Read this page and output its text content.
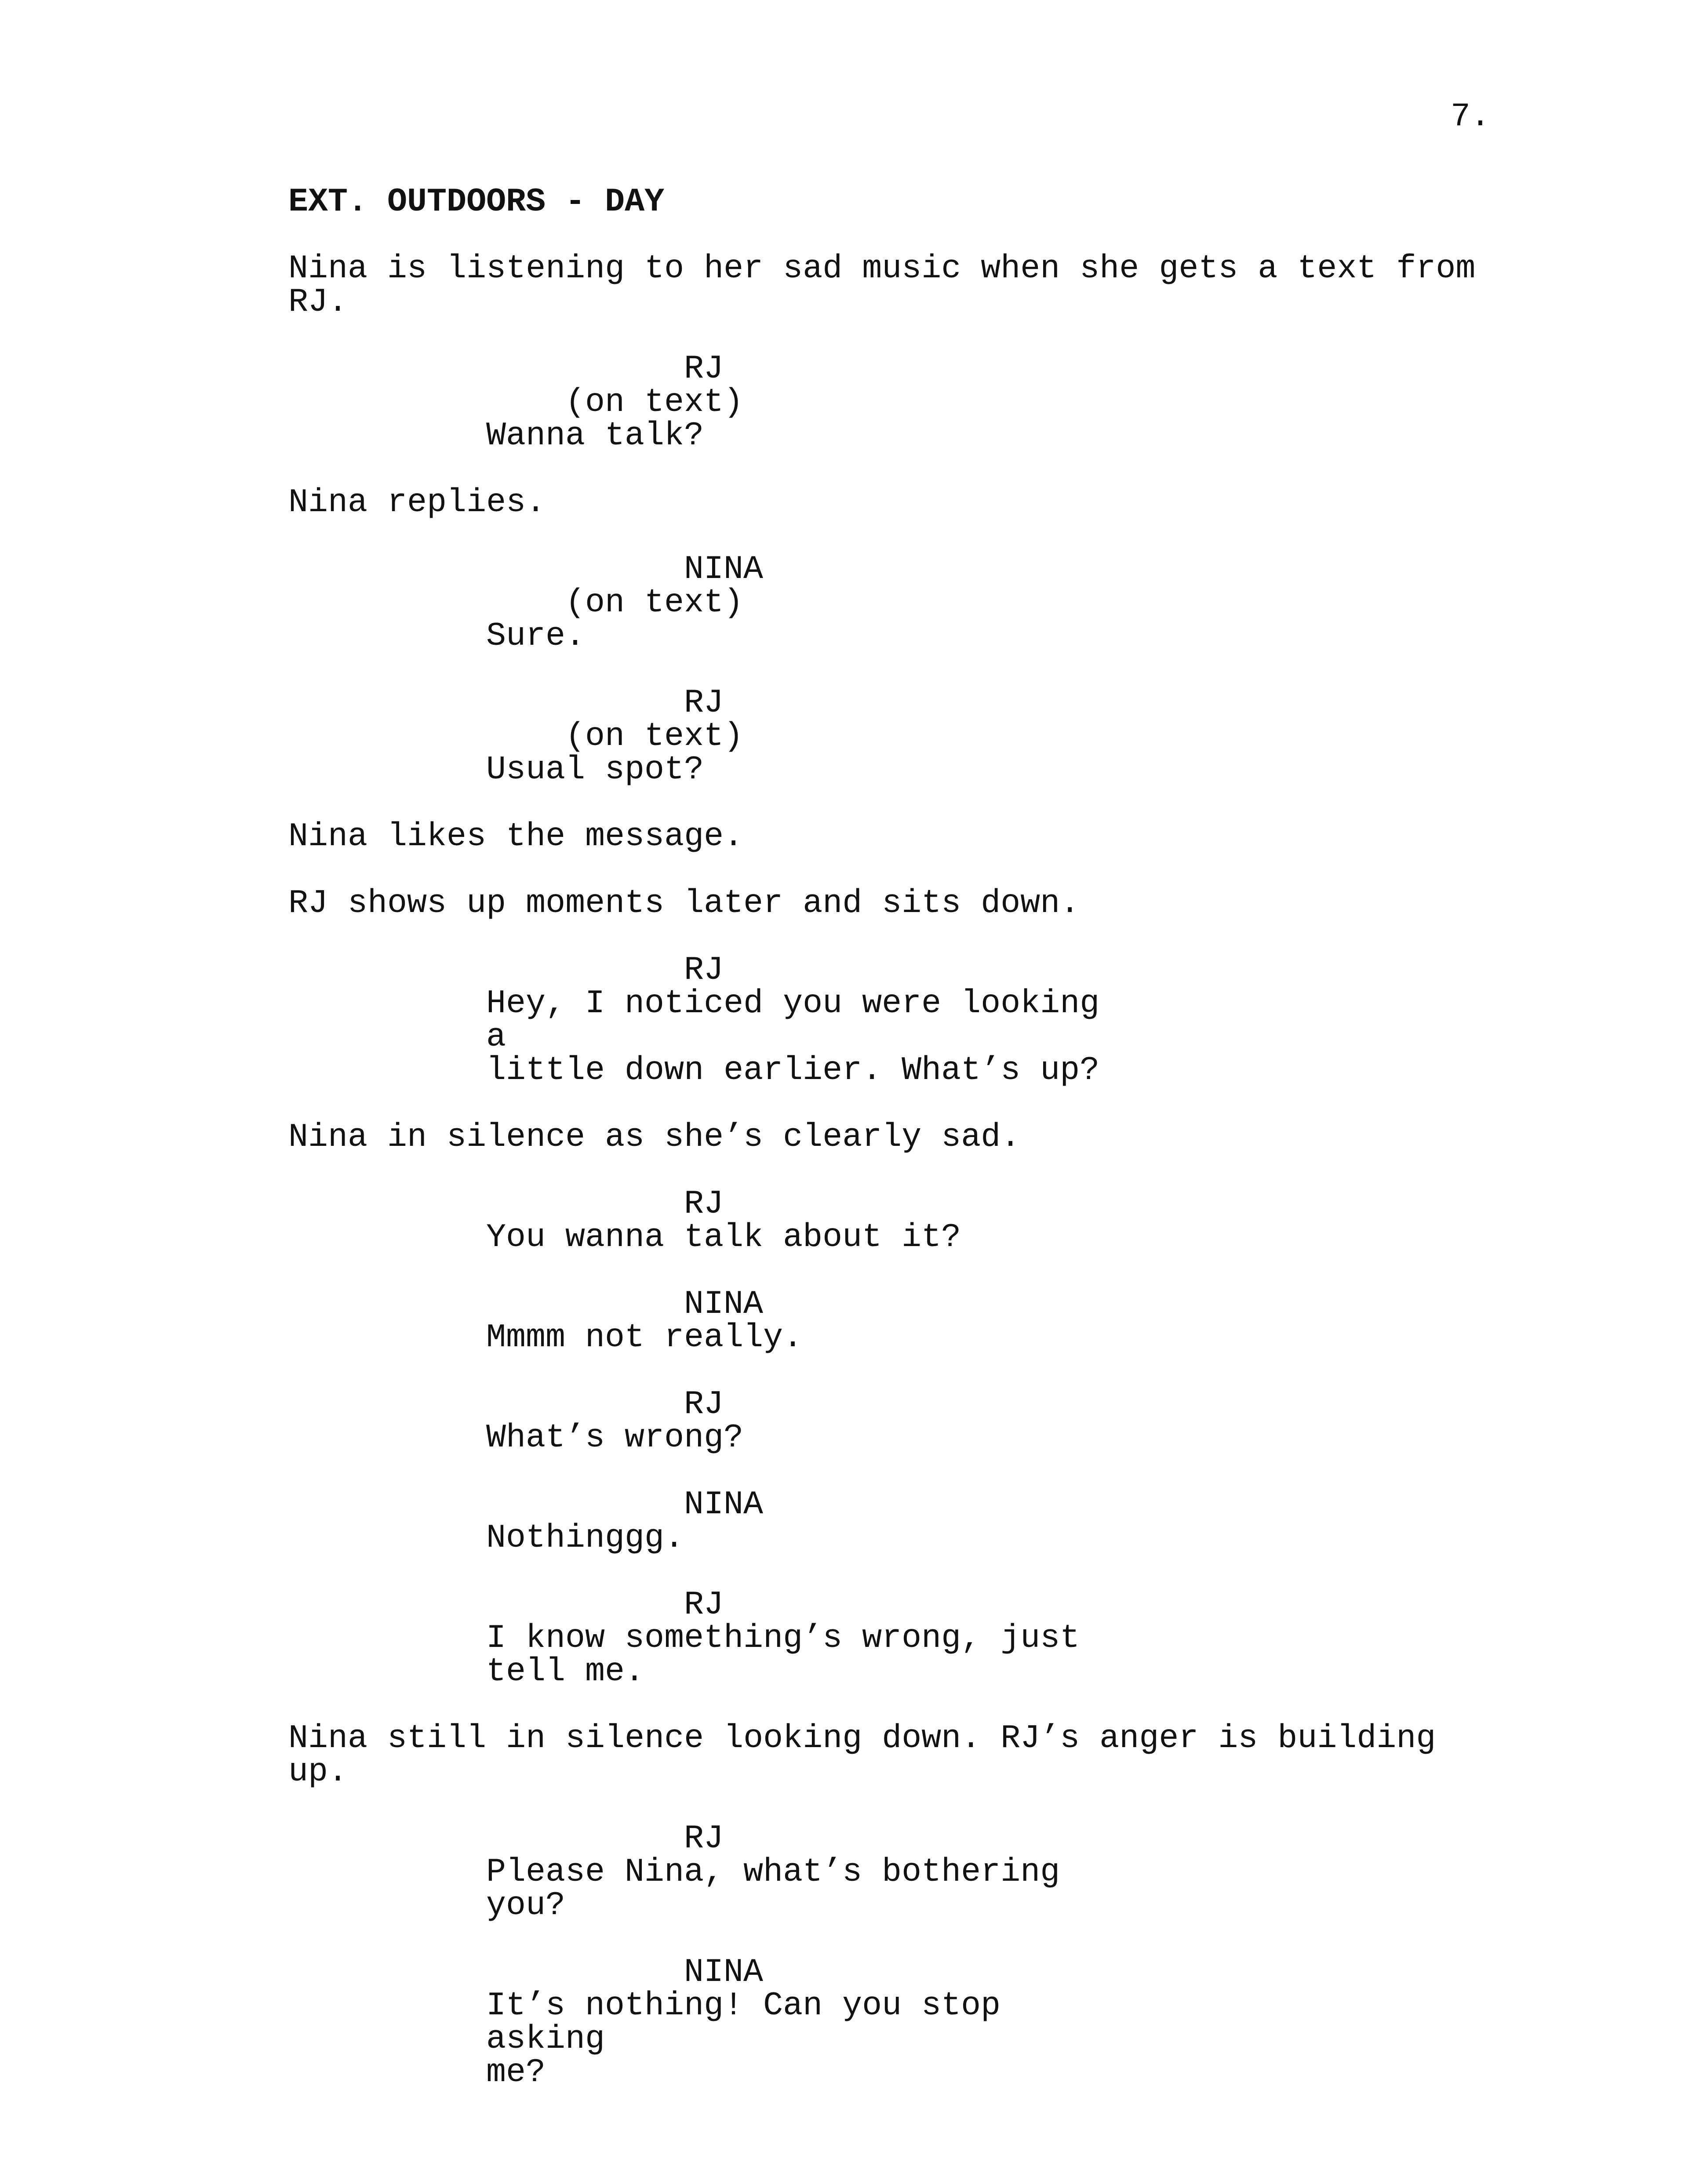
7.
EXT. OUTDOORS - DAY
Nina is listening to her sad music when she gets a text from RJ.
RJ
(on text)
Wanna talk?
Nina replies.
NINA
(on text)
Sure.
RJ
(on text)
Usual spot?
Nina likes the message.
RJ shows up moments later and sits down.
RJ
Hey, I noticed you were looking a
little down earlier. What’s up?
Nina in silence as she’s clearly sad.
RJ
You wanna talk about it?
NINA
Mmmm not really.
RJ
What’s wrong?
NINA
Nothinggg.
RJ
I know something’s wrong, just
tell me.
Nina still in silence looking down. RJ’s anger is building up.
RJ
Please Nina, what’s bothering you?
NINA
It’s nothing! Can you stop asking
me?
